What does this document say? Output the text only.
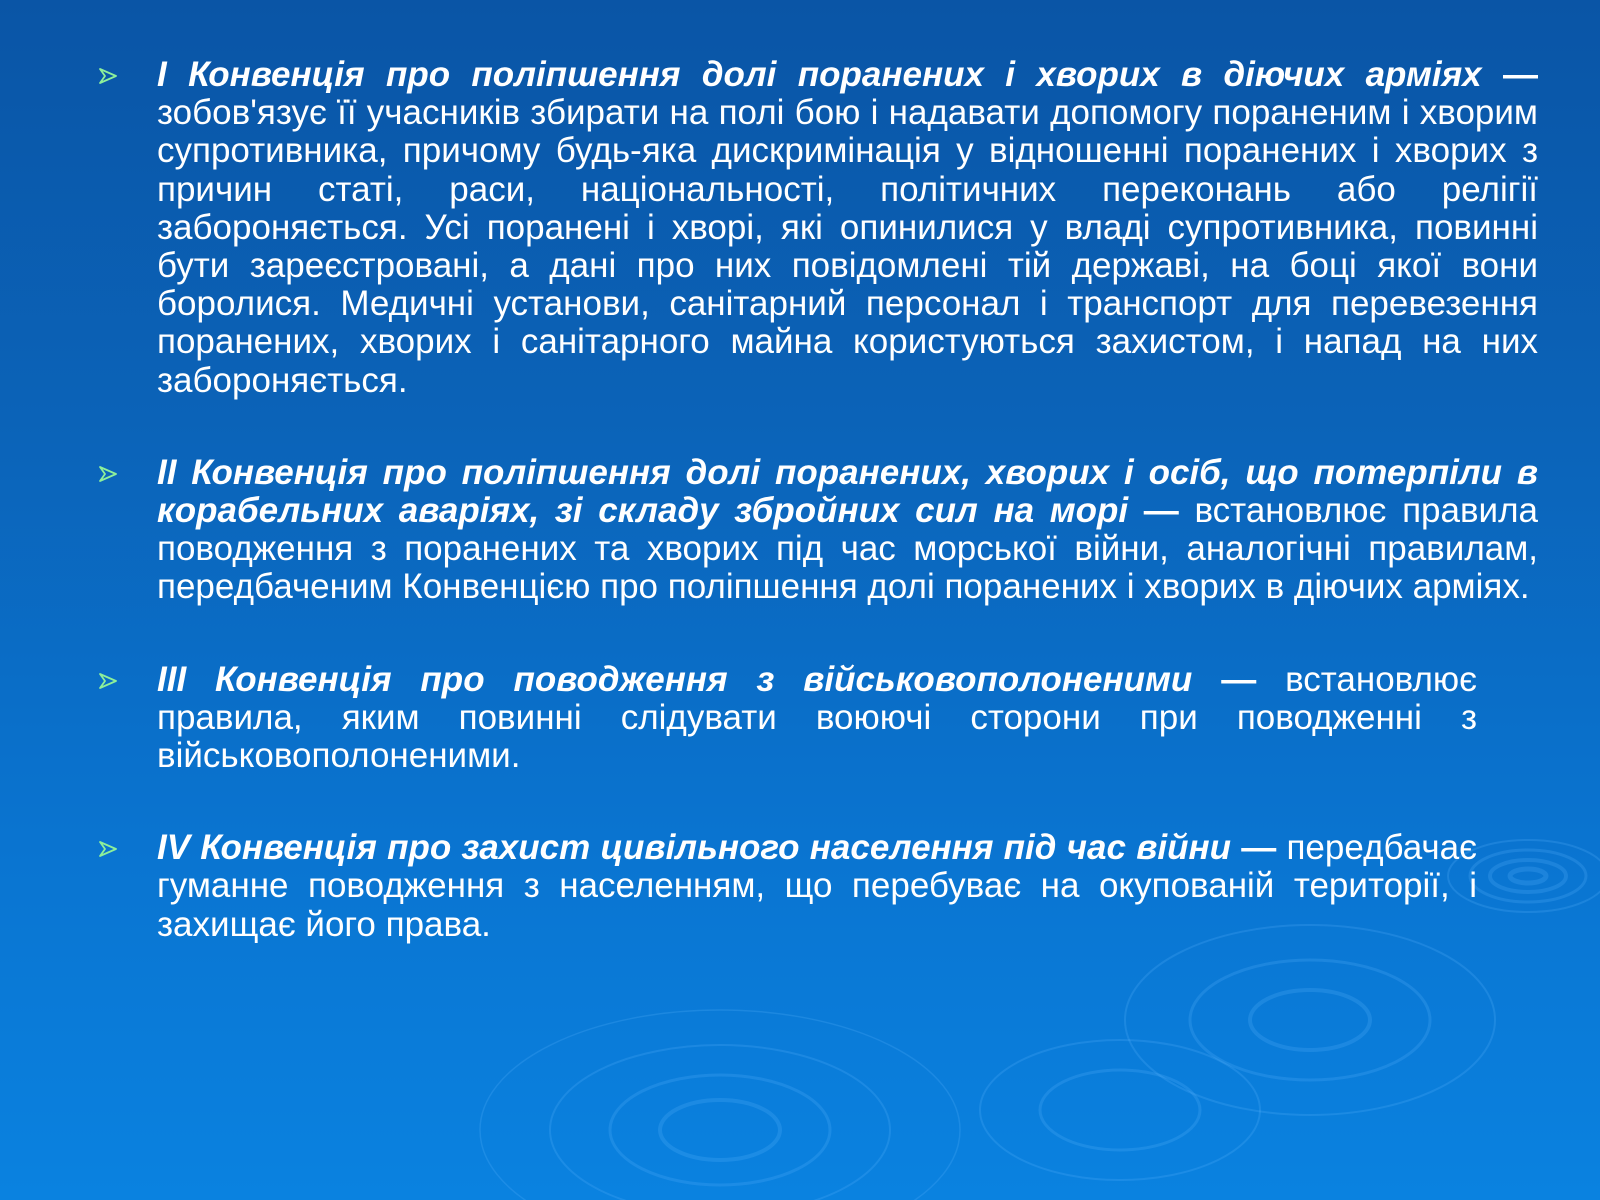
I Конвенція про поліпшення долі поранених і хворих в діючих арміях — зобов'язує її учасників збирати на полі бою і надавати допомогу пораненим і хворим супротивника, причому будь-яка дискримінація у відношенні поранених і хворих з причин статі, раси, національності, політичних переконань або релігії забороняється. Усі поранені і хворі, які опинилися у владі супротивника, повинні бути зареєстровані, а дані про них повідомлені тій державі, на боці якої вони боролися. Медичні установи, санітарний персонал і транспорт для перевезення поранених, хворих і санітарного майна користуються захистом, і напад на них забороняється.
II Конвенція про поліпшення долі поранених, хворих і осіб, що потерпіли в корабельних аваріях, зі складу збройних сил на морі — встановлює правила поводження з поранених та хворих під час морської війни, аналогічні правилам, передбаченим Конвенцією про поліпшення долі поранених і хворих в діючих арміях.
III Конвенція про поводження з військовополоненими — встановлює правила, яким повинні слідувати воюючі сторони при поводженні з військовополоненими.
IV Конвенція про захист цивільного населення під час війни — передбачає гуманне поводження з населенням, що перебуває на окупованій території, і захищає його права.
